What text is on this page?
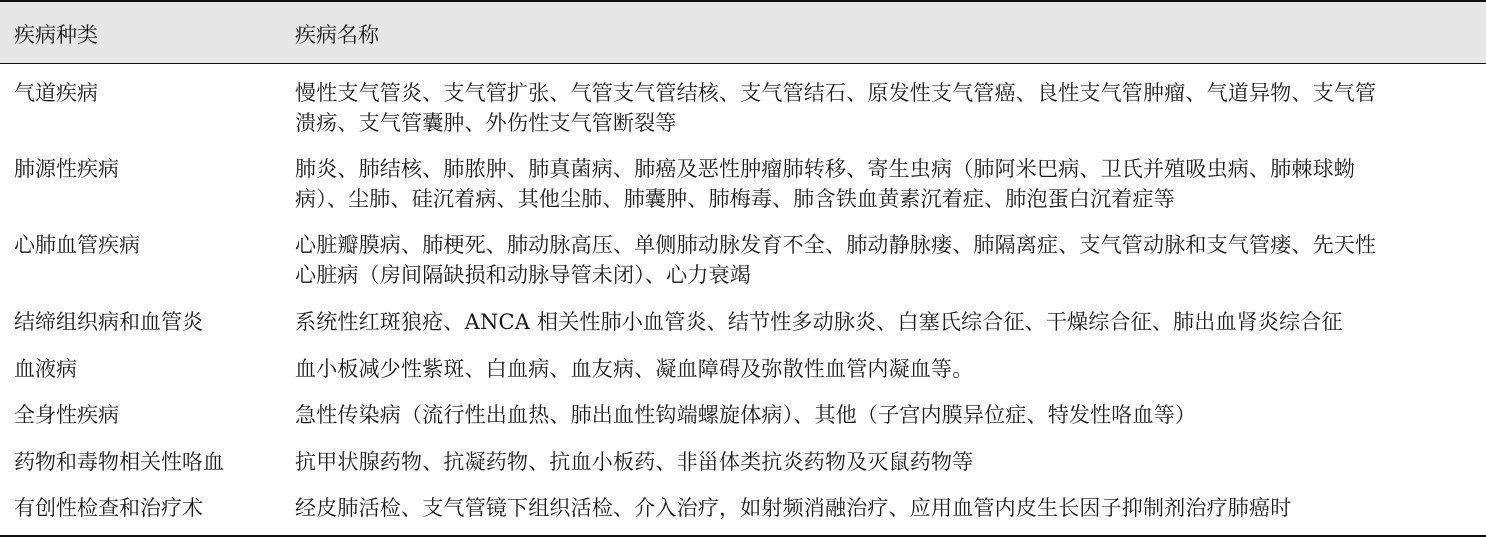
疾病种类	疾病名称
气道疾病	慢性支气管炎、支气管扩张、气管支气管结核、支气管结石、原发性支气管癌、良性支气管肿瘤、气道异物、支气管
溃疡、支气管囊肿、外伤性支气管断裂等
肺源性疾病	肺炎、肺结核、肺脓肿、肺真菌病、肺癌及恶性肿瘤肺转移、寄生虫病（肺阿米巴病、卫氏并殖吸虫病、肺棘球蚴
病）、尘肺、硅沉着病、其他尘肺、肺囊肿、肺梅毒、肺含铁血黄素沉着症、肺泡蛋白沉着症等
心肺血管疾病	心脏瓣膜病、肺梗死、肺动脉高压、单侧肺动脉发育不全、肺动静脉瘘、肺隔离症、支气管动脉和支气管瘘、先天性
心脏病（房间隔缺损和动脉导管未闭）、心力衰竭
结缔组织病和血管炎	系统性红斑狼疮、ANCA 相关性肺小血管炎、结节性多动脉炎、白塞氏综合征、干燥综合征、肺出血肾炎综合征
血液病	血小板减少性紫斑、白血病、血友病、凝血障碍及弥散性血管内凝血等。
全身性疾病	急性传染病（流行性出血热、肺出血性钩端螺旋体病）、其他（子宫内膜异位症、特发性咯血等）
药物和毒物相关性咯血	抗甲状腺药物、抗凝药物、抗血小板药、非甾体类抗炎药物及灭鼠药物等
有创性检查和治疗术	经皮肺活检、支气管镜下组织活检、介入治疗，如射频消融治疗、应用血管内皮生长因子抑制剂治疗肺癌时
